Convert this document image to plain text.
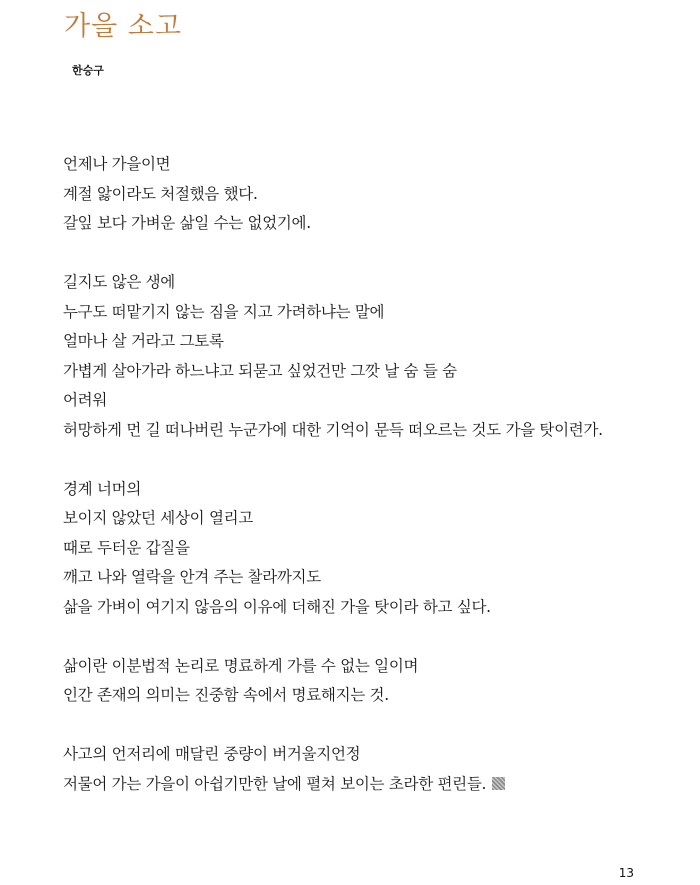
가을 소고
한승구
언제나 가을이면
계절 앓이라도 처절했음 했다.
갈잎 보다 가벼운 삶일 수는 없었기에.
길지도 않은 생에
누구도 떠맡기지 않는 짐을 지고 가려하냐는 말에
얼마나 살 거라고 그토록
가볍게 살아가라 하느냐고 되묻고 싶었건만 그깟 날 숨 들 숨
어려워
허망하게 먼 길 떠나버린 누군가에 대한 기억이 문득 떠오르는 것도 가을 탓이련가.
경계 너머의
보이지 않았던 세상이 열리고
때로 두터운 갑질을
깨고 나와 열락을 안겨 주는 찰라까지도
삶을 가벼이 여기지 않음의 이유에 더해진 가을 탓이라 하고 싶다.
삶이란 이분법적 논리로 명료하게 가를 수 없는 일이며
인간 존재의 의미는 진중함 속에서 명료해지는 것.
사고의 언저리에 매달린 중량이 버거울지언정
저물어 가는 가을이 아쉽기만한 날에 펼쳐 보이는 초라한 편린들.
13
